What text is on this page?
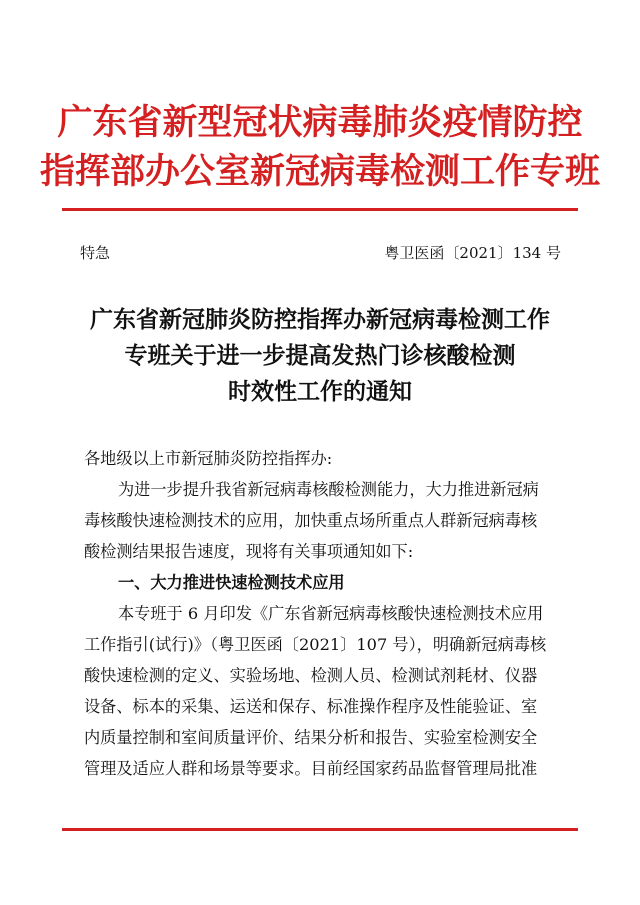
广东省新型冠状病毒肺炎疫情防控
指挥部办公室新冠病毒检测工作专班
特急	粤卫医函〔2021〕134 号
广东省新冠肺炎防控指挥办新冠病毒检测工作
专班关于进一步提高发热门诊核酸检测
时效性工作的通知
各地级以上市新冠肺炎防控指挥办:
为进一步提升我省新冠病毒核酸检测能力，大力推进新冠病
毒核酸快速检测技术的应用，加快重点场所重点人群新冠病毒核
酸检测结果报告速度，现将有关事项通知如下:
一、大力推进快速检测技术应用
本专班于 6 月印发《广东省新冠病毒核酸快速检测技术应用
工作指引(试行)》（粤卫医函〔2021〕107 号），明确新冠病毒核
酸快速检测的定义、实验场地、检测人员、检测试剂耗材、仪器
设备、标本的采集、运送和保存、标准操作程序及性能验证、室
内质量控制和室间质量评价、结果分析和报告、实验室检测安全
管理及适应人群和场景等要求。目前经国家药品监督管理局批准
